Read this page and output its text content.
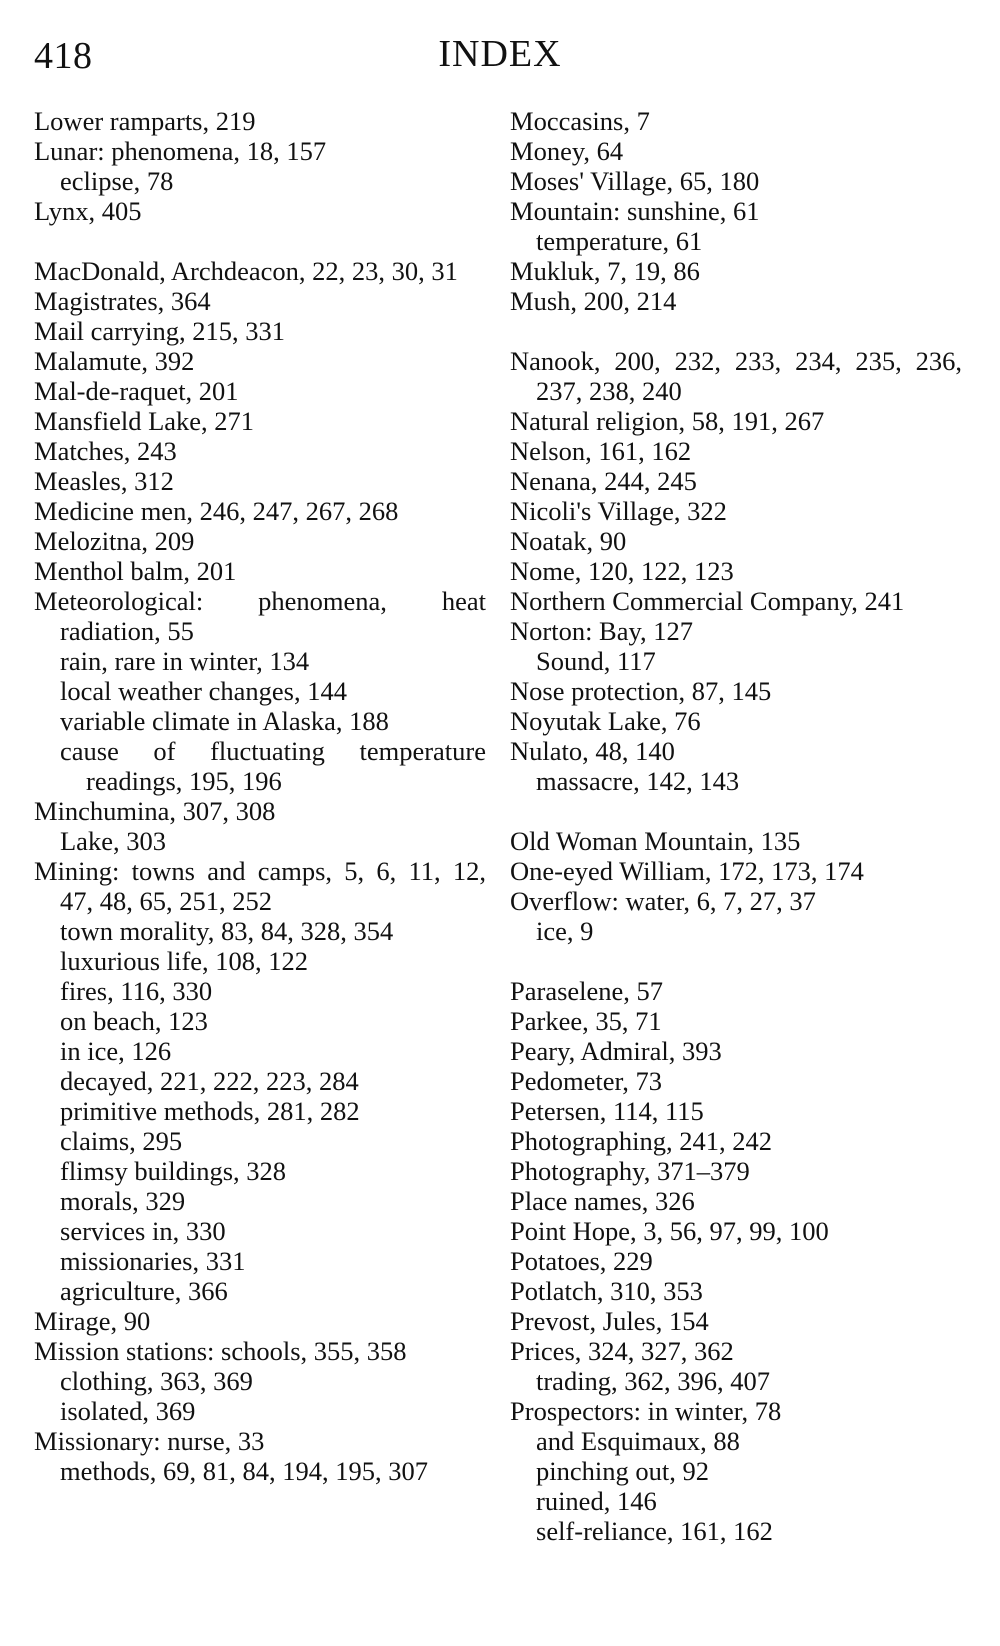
418	INDEX
Lower ramparts, 219
Lunar: phenomena, 18, 157
eclipse, 78
Lynx, 405
MacDonald, Archdeacon, 22, 23, 30, 31
Magistrates, 364
Mail carrying, 215, 331
Malamute, 392
Mal-de-raquet, 201
Mansfield Lake, 271
Matches, 243
Measles, 312
Medicine men, 246, 247, 267, 268
Melozitna, 209
Menthol balm, 201
Meteorological: phenomena, heat radiation, 55
rain, rare in winter, 134
local weather changes, 144
variable climate in Alaska, 188
cause of fluctuating temperature readings, 195, 196
Minchumina, 307, 308
Lake, 303
Mining: towns and camps, 5, 6, 11, 12, 47, 48, 65, 251, 252
town morality, 83, 84, 328, 354
luxurious life, 108, 122
fires, 116, 330
on beach, 123
in ice, 126
decayed, 221, 222, 223, 284
primitive methods, 281, 282
claims, 295
flimsy buildings, 328
morals, 329
services in, 330
missionaries, 331
agriculture, 366
Mirage, 90
Mission stations: schools, 355, 358
clothing, 363, 369
isolated, 369
Missionary: nurse, 33
methods, 69, 81, 84, 194, 195, 307
Moccasins, 7
Money, 64
Moses' Village, 65, 180
Mountain: sunshine, 61
temperature, 61
Mukluk, 7, 19, 86
Mush, 200, 214
Nanook, 200, 232, 233, 234, 235, 236, 237, 238, 240
Natural religion, 58, 191, 267
Nelson, 161, 162
Nenana, 244, 245
Nicoli's Village, 322
Noatak, 90
Nome, 120, 122, 123
Northern Commercial Company, 241
Norton: Bay, 127
Sound, 117
Nose protection, 87, 145
Noyutak Lake, 76
Nulato, 48, 140
massacre, 142, 143
Old Woman Mountain, 135
One-eyed William, 172, 173, 174
Overflow: water, 6, 7, 27, 37
ice, 9
Paraselene, 57
Parkee, 35, 71
Peary, Admiral, 393
Pedometer, 73
Petersen, 114, 115
Photographing, 241, 242
Photography, 371–379
Place names, 326
Point Hope, 3, 56, 97, 99, 100
Potatoes, 229
Potlatch, 310, 353
Prevost, Jules, 154
Prices, 324, 327, 362
trading, 362, 396, 407
Prospectors: in winter, 78
and Esquimaux, 88
pinching out, 92
ruined, 146
self-reliance, 161, 162
